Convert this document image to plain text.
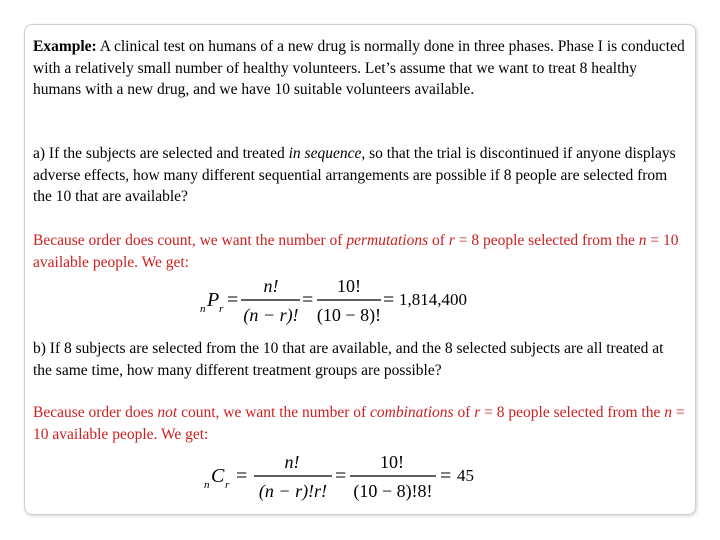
Example: A clinical test on humans of a new drug is normally done in three phases. Phase I is conducted with a relatively small number of healthy volunteers. Let’s assume that we want to treat 8 healthy humans with a new drug, and we have 10 suitable volunteers available.

a) If the subjects are selected and treated in sequence, so that the trial is discontinued if anyone displays adverse effects, how many different sequential arrangements are possible if 8 people are selected from the 10 that are available?

Because order does count, we want the number of permutations of r = 8 people selected from the n = 10 available people. We get:

n P r =
n!
(n − r)!
=
10!
(10 − 8)!
= 1,814,400

b) If 8 subjects are selected from the 10 that are available, and the 8 selected subjects are all treated at the same time, how many different treatment groups are possible?

Because order does not count, we want the number of combinations of r = 8 people selected from the n = 10 available people. We get:

n C r =
n!
(n − r)!r!
=
10!
(10 − 8)!8!
= 45
